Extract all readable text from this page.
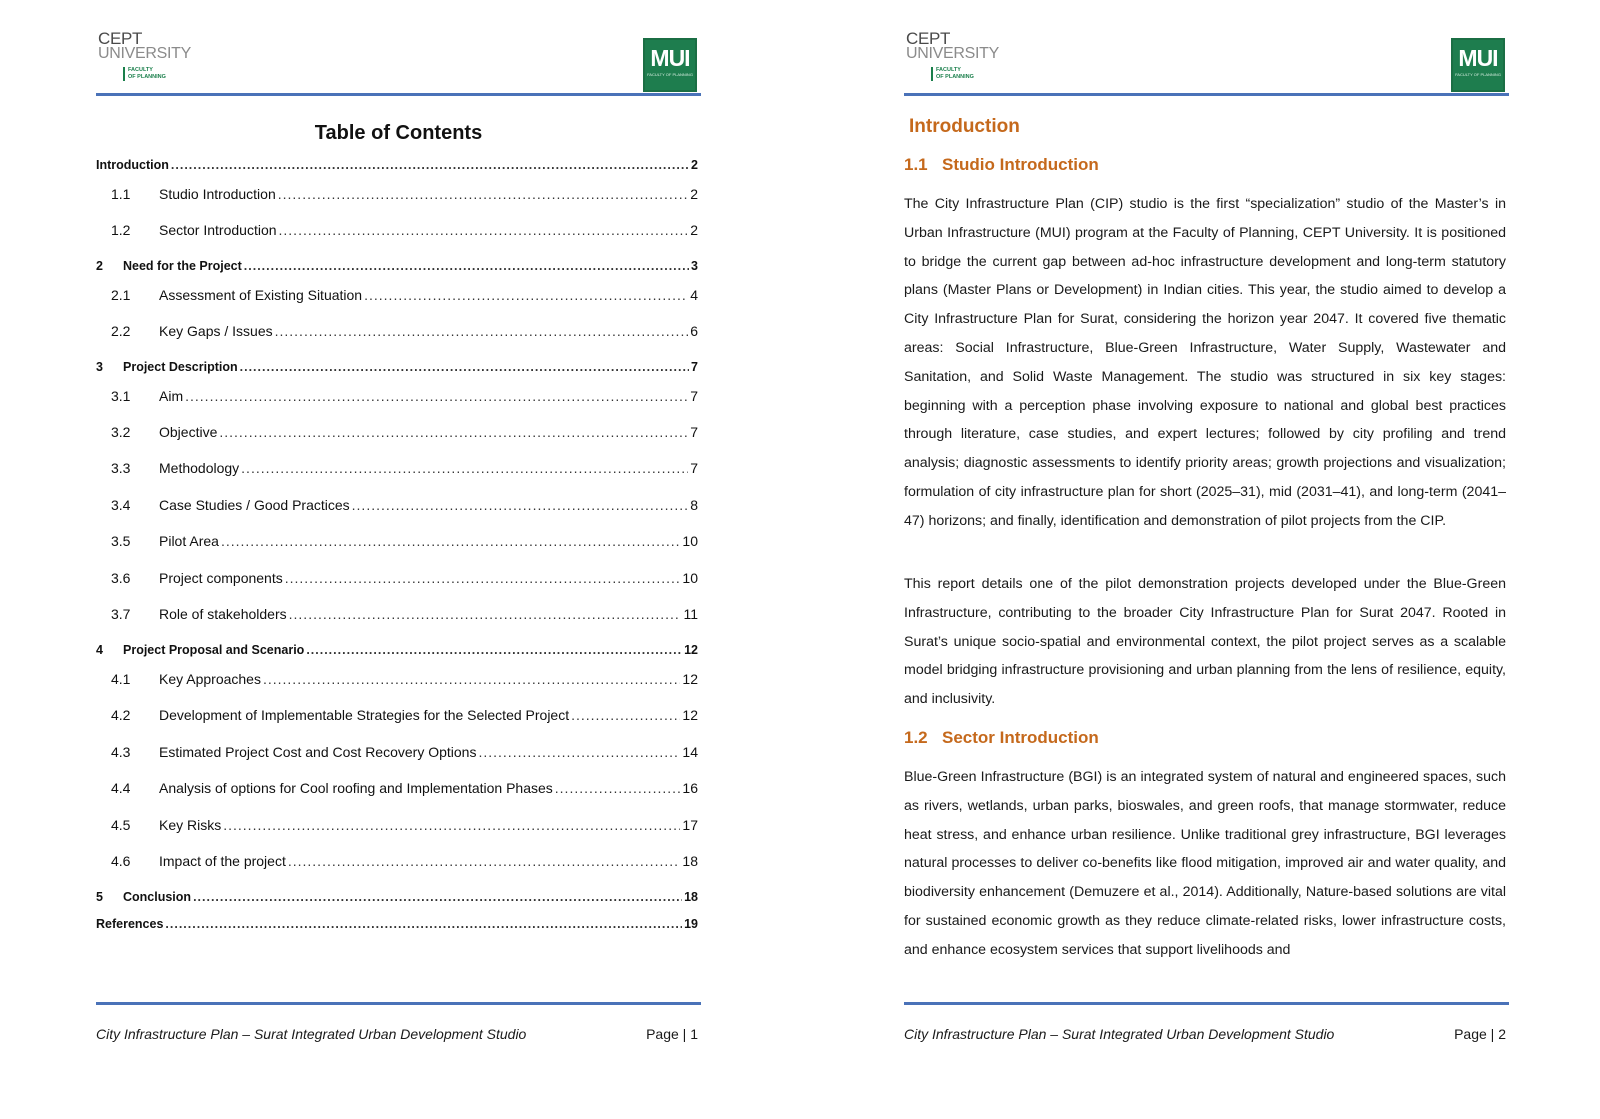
CEPT
UNIVERSITY
FACULTY
OF PLANNING
MUI
FACULTY OF PLANNING
Table of Contents
Introduction .....	2
1.1	Studio Introduction .....	2
1.2	Sector Introduction .....	2
2	Need for the Project .....	3
2.1	Assessment of Existing Situation .....	4
2.2	Key Gaps / Issues .....	6
3	Project Description .....	7
3.1	Aim .....	7
3.2	Objective .....	7
3.3	Methodology .....	7
3.4	Case Studies / Good Practices .....	8
3.5	Pilot Area .....	10
3.6	Project components .....	10
3.7	Role of stakeholders .....	11
4	Project Proposal and Scenario .....	12
4.1	Key Approaches .....	12
4.2	Development of Implementable Strategies for the Selected Project .....	12
4.3	Estimated Project Cost and Cost Recovery Options .....	14
4.4	Analysis of options for Cool roofing and Implementation Phases .....	16
4.5	Key Risks .....	17
4.6	Impact of the project .....	18
5	Conclusion .....	18
References .....	19
City Infrastructure Plan – Surat Integrated Urban Development Studio	Page | 1
CEPT
UNIVERSITY
FACULTY
OF PLANNING
MUI
FACULTY OF PLANNING
Introduction
1.1 Studio Introduction
The City Infrastructure Plan (CIP) studio is the first “specialization” studio of the Master’s in Urban Infrastructure (MUI) program at the Faculty of Planning, CEPT University. It is positioned to bridge the current gap between ad-hoc infrastructure development and long-term statutory plans (Master Plans or Development) in Indian cities. This year, the studio aimed to develop a City Infrastructure Plan for Surat, considering the horizon year 2047. It covered five thematic areas: Social Infrastructure, Blue-Green Infrastructure, Water Supply, Wastewater and Sanitation, and Solid Waste Management. The studio was structured in six key stages: beginning with a perception phase involving exposure to national and global best practices through literature, case studies, and expert lectures; followed by city profiling and trend analysis; diagnostic assessments to identify priority areas; growth projections and visualization; formulation of city infrastructure plan for short (2025–31), mid (2031–41), and long-term (2041–47) horizons; and finally, identification and demonstration of pilot projects from the CIP.
This report details one of the pilot demonstration projects developed under the Blue-Green Infrastructure, contributing to the broader City Infrastructure Plan for Surat 2047. Rooted in Surat’s unique socio-spatial and environmental context, the pilot project serves as a scalable model bridging infrastructure provisioning and urban planning from the lens of resilience, equity, and inclusivity.
1.2 Sector Introduction
Blue-Green Infrastructure (BGI) is an integrated system of natural and engineered spaces, such as rivers, wetlands, urban parks, bioswales, and green roofs, that manage stormwater, reduce heat stress, and enhance urban resilience. Unlike traditional grey infrastructure, BGI leverages natural processes to deliver co-benefits like flood mitigation, improved air and water quality, and biodiversity enhancement (Demuzere et al., 2014). Additionally, Nature-based solutions are vital for sustained economic growth as they reduce climate-related risks, lower infrastructure costs, and enhance ecosystem services that support livelihoods and
City Infrastructure Plan – Surat Integrated Urban Development Studio	Page | 2
